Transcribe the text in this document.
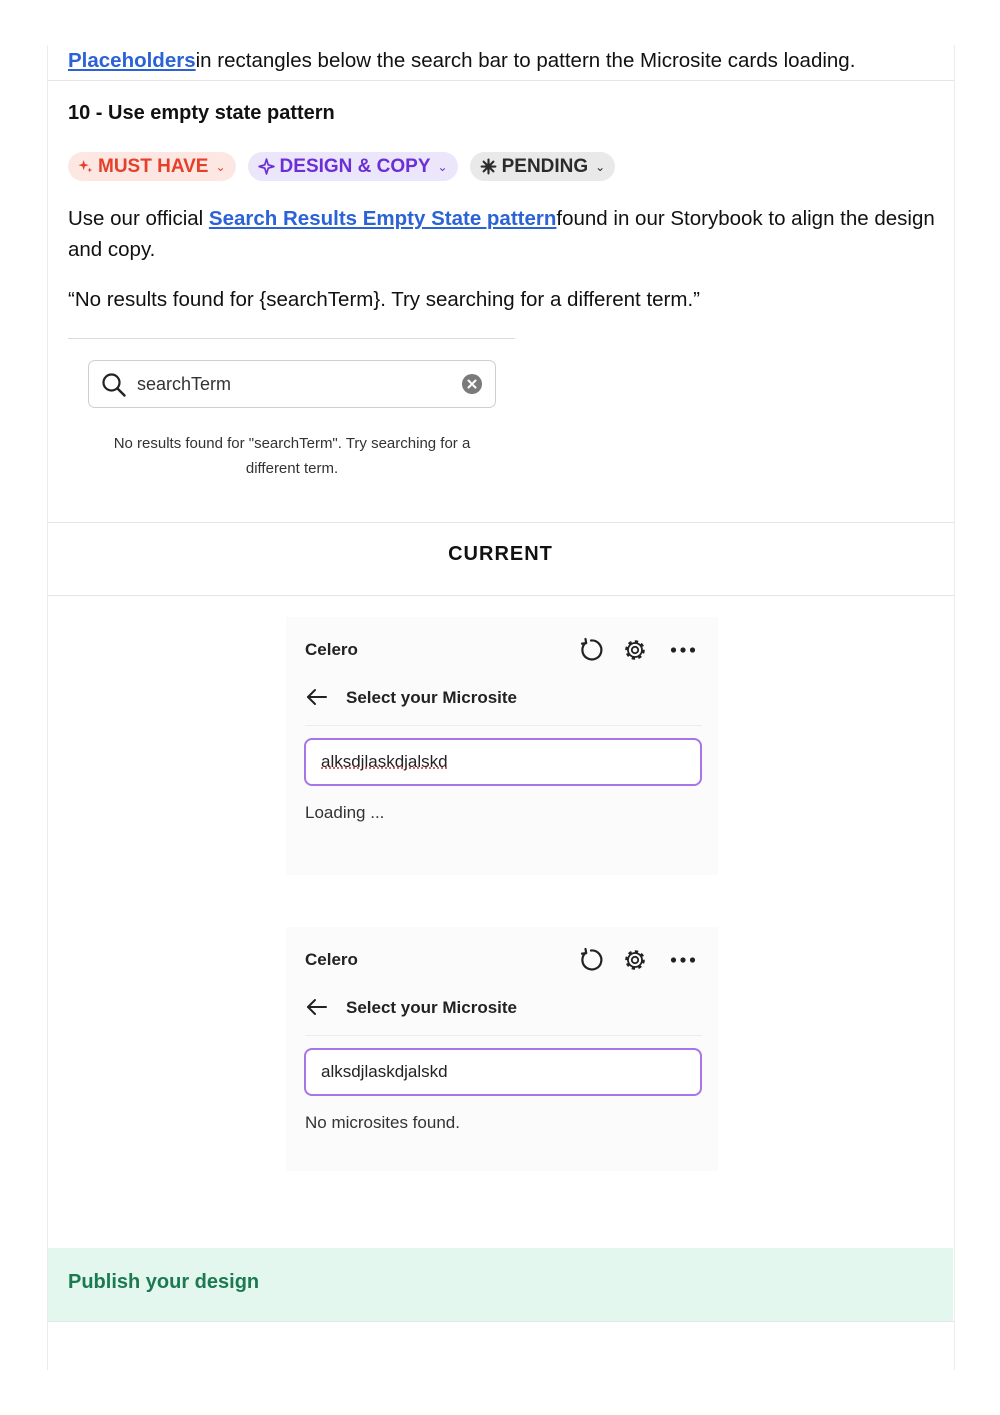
Placeholdersin rectangles below the search bar to pattern the Microsite cards loading.
10 - Use empty state pattern
MUST HAVE ⌄	DESIGN & COPY ⌄	PENDING ⌄
Use our official Search Results Empty State patternfound in our Storybook to align the design and copy.
“No results found for {searchTerm}. Try searching for a different term.”
searchTerm
No results found for "searchTerm". Try searching for a different term.
CURRENT
Celero
Select your Microsite
alksdjlaskdjalskd
Loading ...
Celero
Select your Microsite
alksdjlaskdjalskd
No microsites found.
Publish your design
